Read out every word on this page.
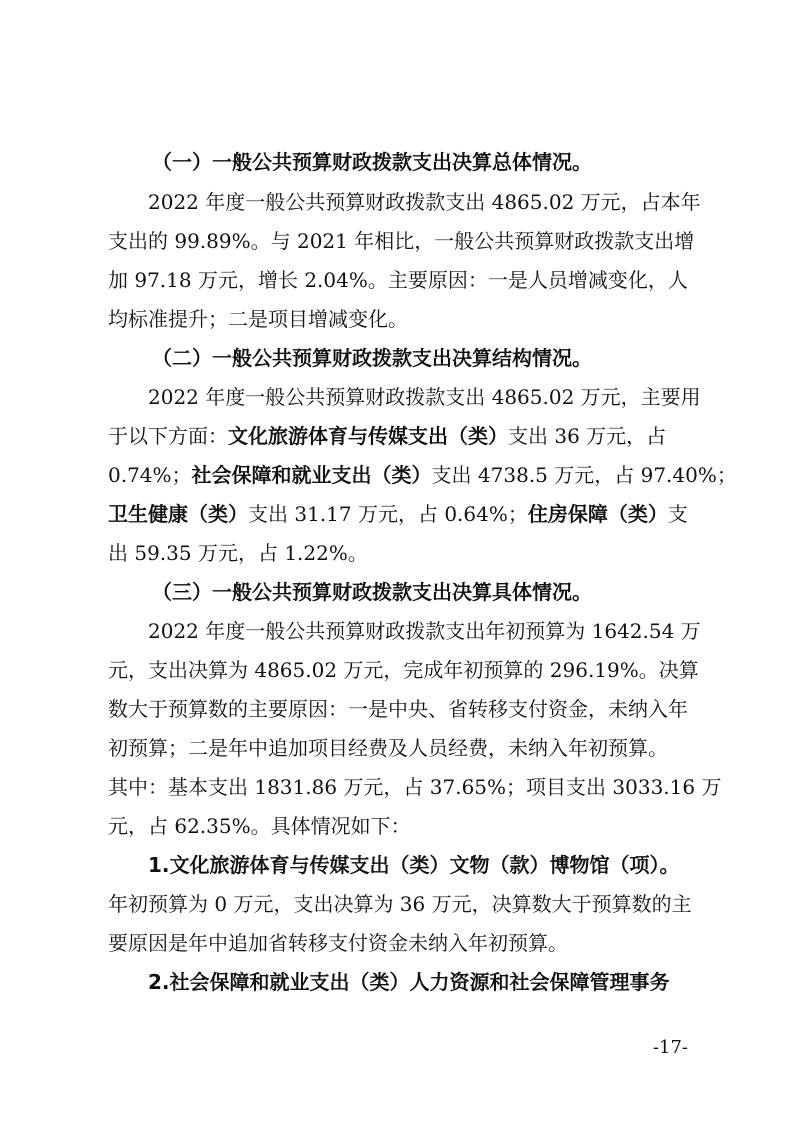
（一）一般公共预算财政拨款支出决算总体情况。
2022 年度一般公共预算财政拨款支出 4865.02 万元，占本年
支出的 99.89%。与 2021 年相比，一般公共预算财政拨款支出增
加 97.18 万元，增长 2.04%。主要原因：一是人员增减变化，人
均标准提升；二是项目增减变化。
（二）一般公共预算财政拨款支出决算结构情况。
2022 年度一般公共预算财政拨款支出 4865.02 万元，主要用
于以下方面：文化旅游体育与传媒支出（类）支出 36 万元，占
0.74%；社会保障和就业支出（类）支出 4738.5 万元，占 97.40%；
卫生健康（类）支出 31.17 万元，占 0.64%；住房保障（类）支
出 59.35 万元，占 1.22%。
（三）一般公共预算财政拨款支出决算具体情况。
2022 年度一般公共预算财政拨款支出年初预算为 1642.54 万
元，支出决算为 4865.02 万元，完成年初预算的 296.19%。决算
数大于预算数的主要原因：一是中央、省转移支付资金，未纳入年
初预算；二是年中追加项目经费及人员经费，未纳入年初预算。
其中：基本支出 1831.86 万元，占 37.65%；项目支出 3033.16 万
元，占 62.35%。具体情况如下：
1.文化旅游体育与传媒支出（类）文物（款）博物馆（项）。
年初预算为 0 万元，支出决算为 36 万元，决算数大于预算数的主
要原因是年中追加省转移支付资金未纳入年初预算。
2.社会保障和就业支出（类）人力资源和社会保障管理事务
-17-
